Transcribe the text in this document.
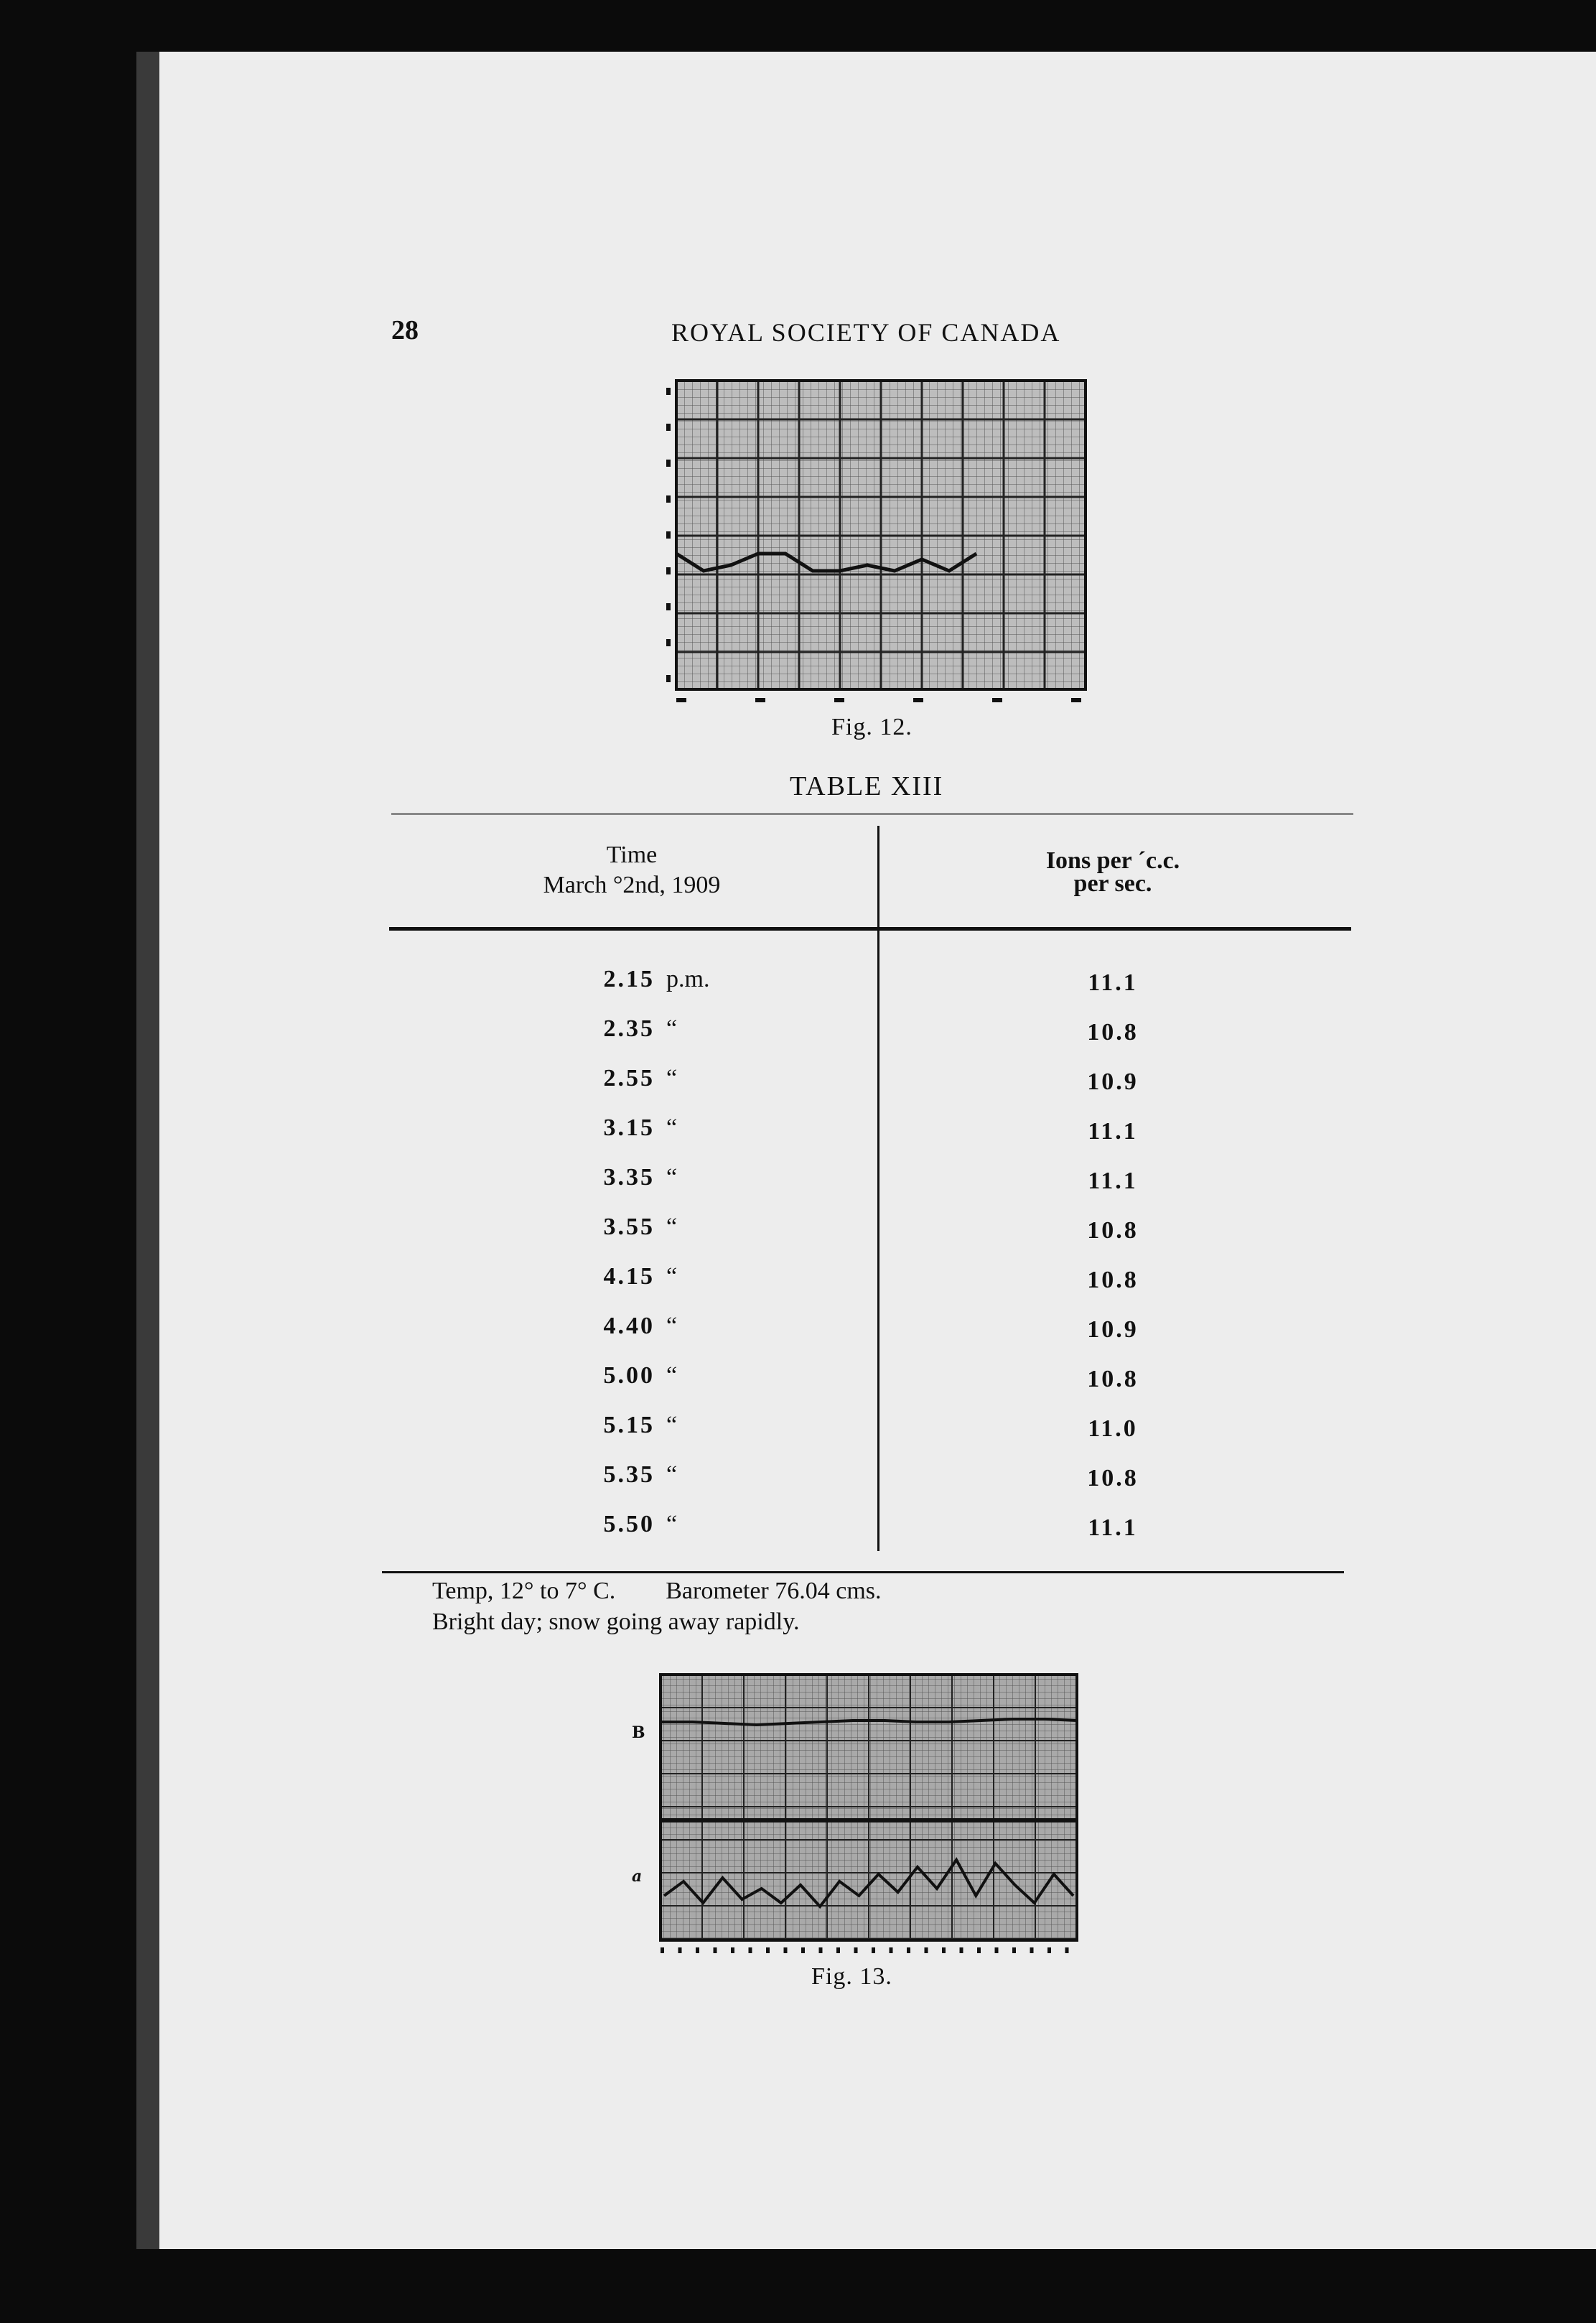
28	ROYAL SOCIETY OF CANADA
Fig. 12.
TABLE XIII
Time
March °2nd, 1909
Ions per ´c.c.
per sec.
2.15 p.m.	11.1
2.35 “	10.8
2.55 “	10.9
3.15 “	11.1
3.35 “	11.1
3.55 “	10.8
4.15 “	10.8
4.40 “	10.9
5.00 “	10.8
5.15 “	11.0
5.35 “	10.8
5.50 “	11.1
Temp, 12° to 7° C. Barometer 76.04 cms.
Bright day; snow going away rapidly.
B
a
Fig. 13.
